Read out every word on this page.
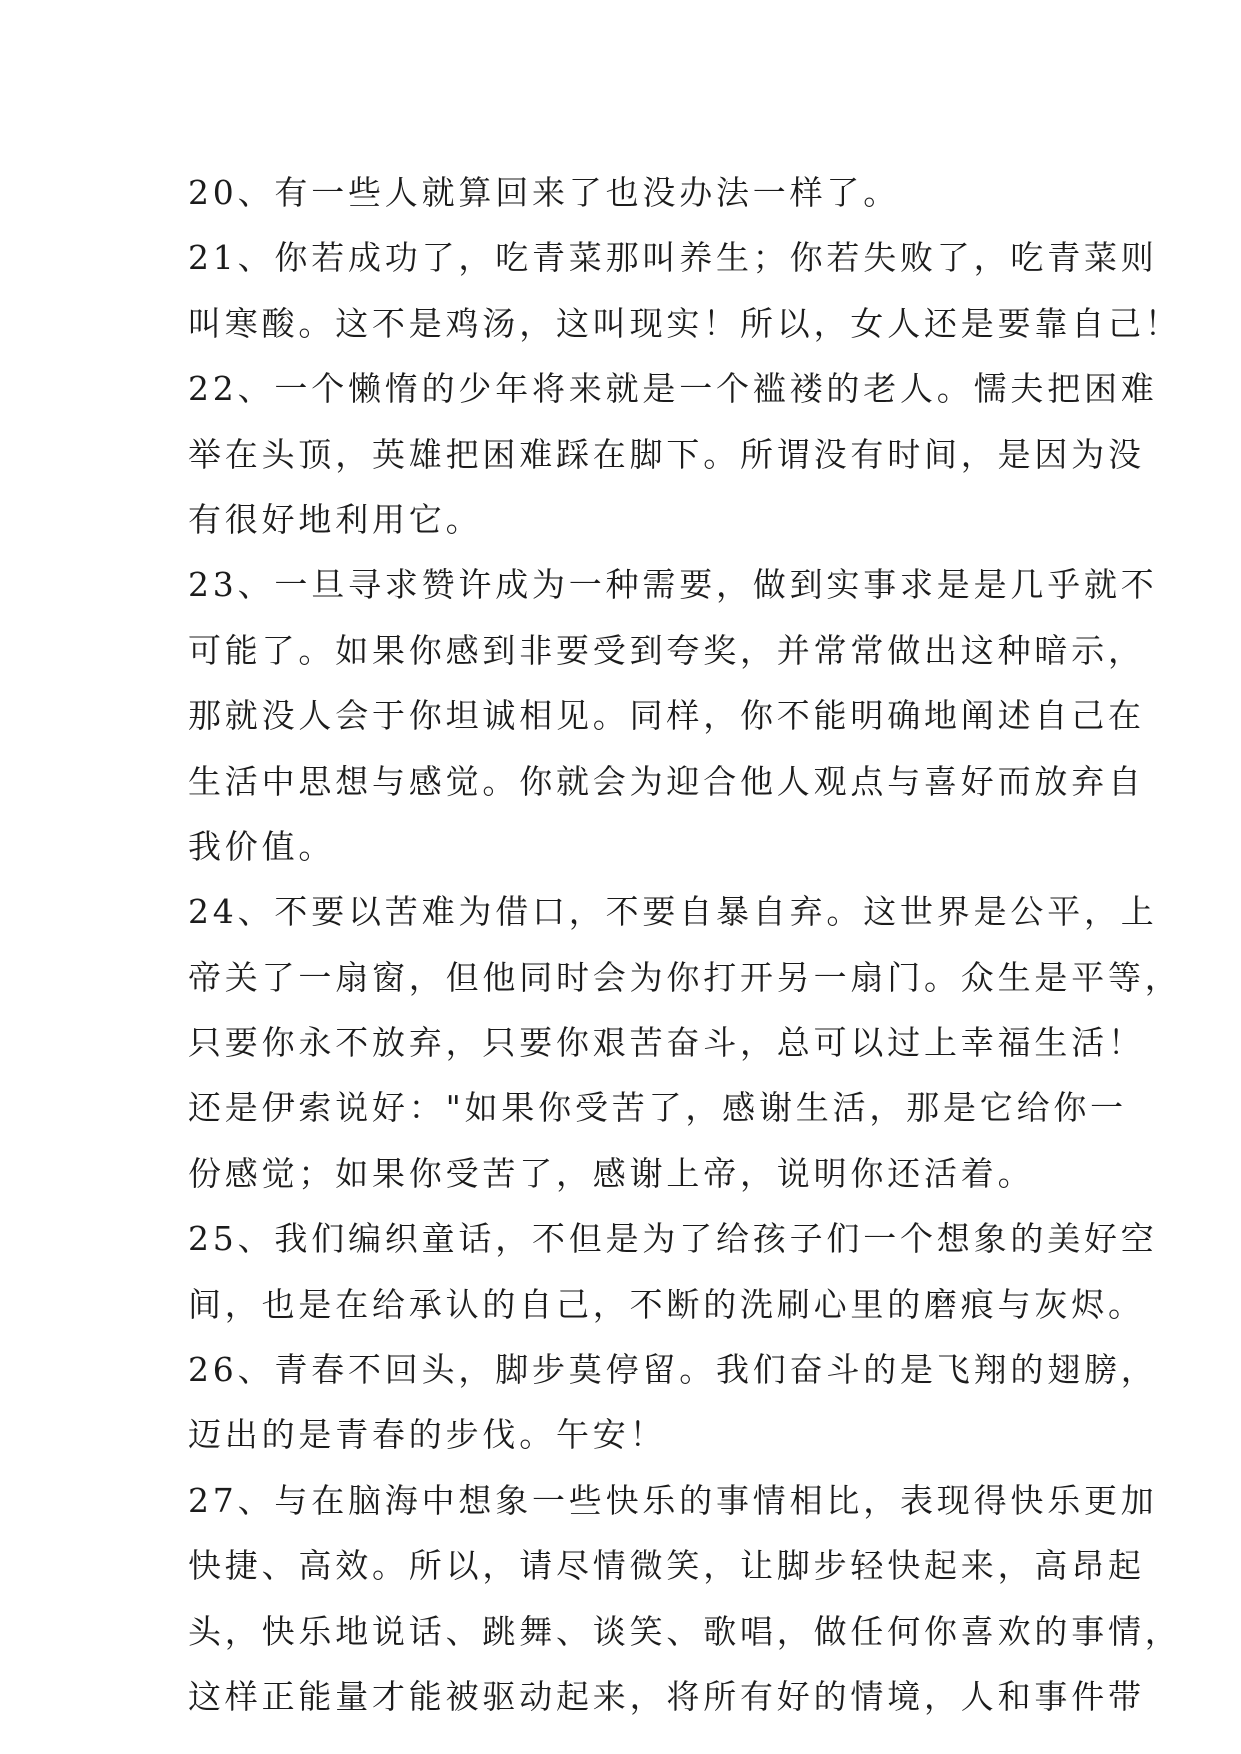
20、有一些人就算回来了也没办法一样了。
21、你若成功了，吃青菜那叫养生；你若失败了，吃青菜则
叫寒酸。这不是鸡汤，这叫现实！所以，女人还是要靠自己！
22、一个懒惰的少年将来就是一个褴褛的老人。懦夫把困难
举在头顶，英雄把困难踩在脚下。所谓没有时间，是因为没
有很好地利用它。
23、一旦寻求赞许成为一种需要，做到实事求是是几乎就不
可能了。如果你感到非要受到夸奖，并常常做出这种暗示，
那就没人会于你坦诚相见。同样，你不能明确地阐述自己在
生活中思想与感觉。你就会为迎合他人观点与喜好而放弃自
我价值。
24、不要以苦难为借口，不要自暴自弃。这世界是公平，上
帝关了一扇窗，但他同时会为你打开另一扇门。众生是平等，
只要你永不放弃，只要你艰苦奋斗，总可以过上幸福生活！
还是伊索说好："如果你受苦了，感谢生活，那是它给你一
份感觉；如果你受苦了，感谢上帝，说明你还活着。
25、我们编织童话，不但是为了给孩子们一个想象的美好空
间，也是在给承认的自己，不断的洗刷心里的磨痕与灰烬。
26、青春不回头，脚步莫停留。我们奋斗的是飞翔的翅膀，
迈出的是青春的步伐。午安！
27、与在脑海中想象一些快乐的事情相比，表现得快乐更加
快捷、高效。所以，请尽情微笑，让脚步轻快起来，高昂起
头，快乐地说话、跳舞、谈笑、歌唱，做任何你喜欢的事情，
这样正能量才能被驱动起来，将所有好的情境，人和事件带
